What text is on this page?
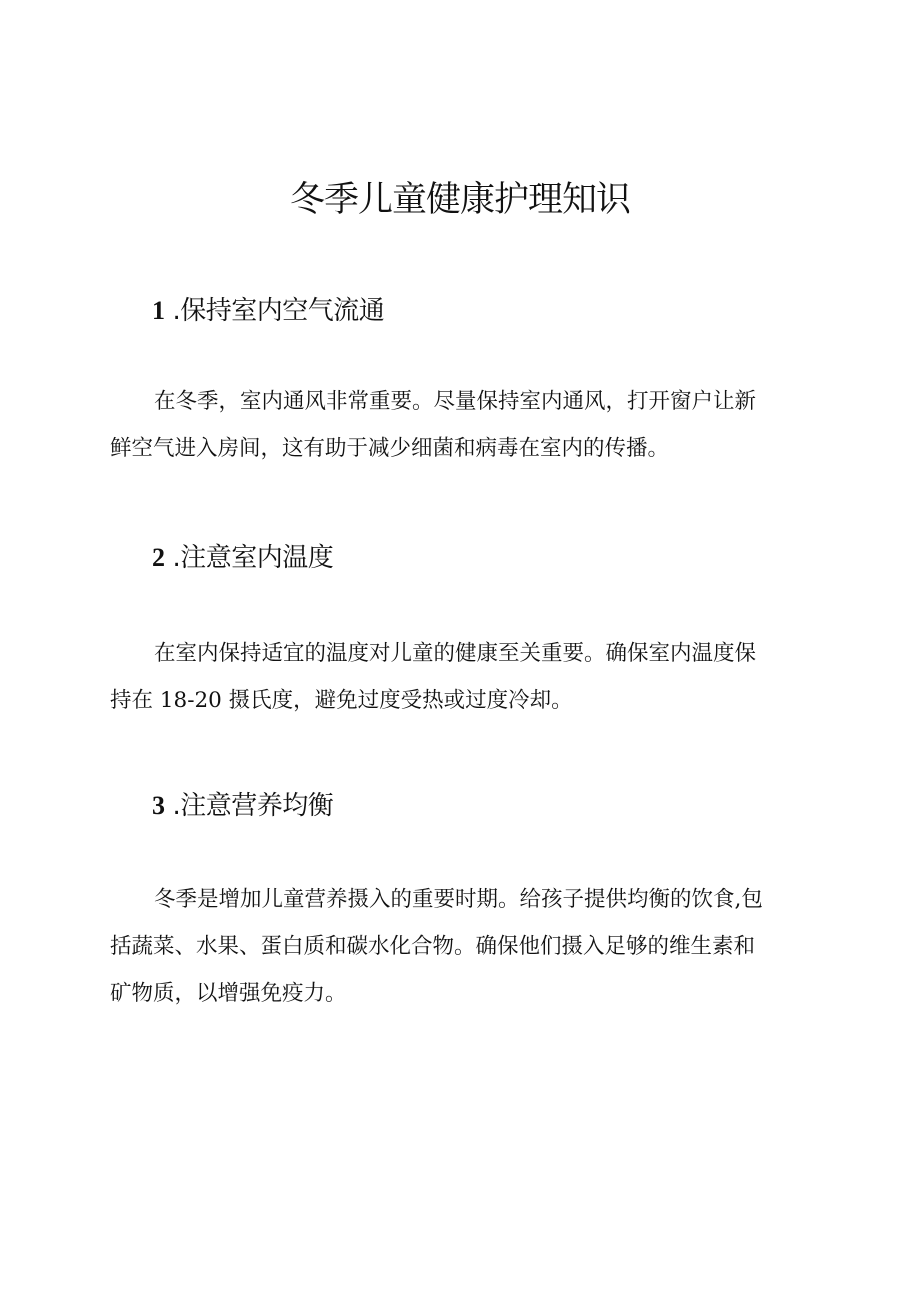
冬季儿童健康护理知识
1 .保持室内空气流通

在冬季，室内通风非常重要。尽量保持室内通风，打开窗户让新
鲜空气进入房间，这有助于减少细菌和病毒在室内的传播。

2 .注意室内温度

在室内保持适宜的温度对儿童的健康至关重要。确保室内温度保
持在 18-20 摄氏度，避免过度受热或过度冷却。

3 .注意营养均衡

冬季是增加儿童营养摄入的重要时期。给孩子提供均衡的饮食,包
括蔬菜、水果、蛋白质和碳水化合物。确保他们摄入足够的维生素和
矿物质，以增强免疫力。
